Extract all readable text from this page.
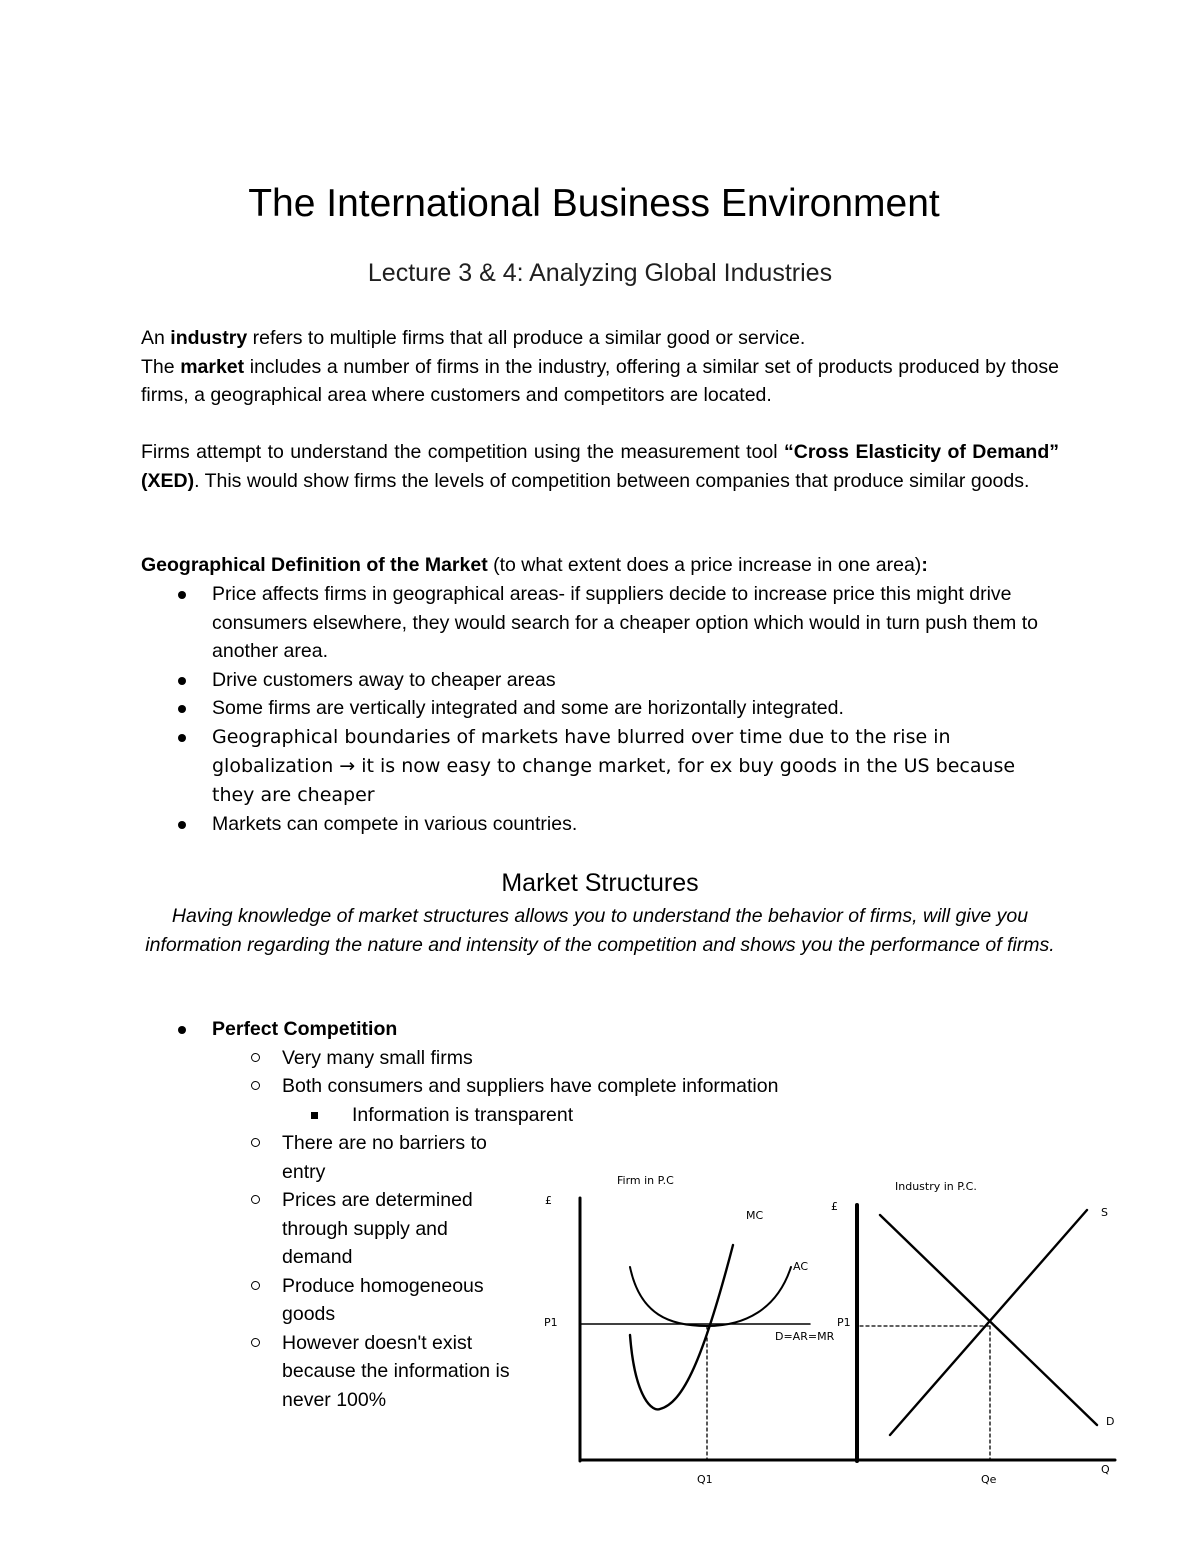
The International Business Environment
Lecture 3 & 4: Analyzing Global Industries
An industry refers to multiple firms that all produce a similar good or service.
The market includes a number of firms in the industry, offering a similar set of products produced by those firms, a geographical area where customers and competitors are located.
Firms attempt to understand the competition using the measurement tool “Cross Elasticity of Demand” (XED). This would show firms the levels of competition between companies that produce similar goods.
Geographical Definition of the Market (to what extent does a price increase in one area):
Price affects firms in geographical areas- if suppliers decide to increase price this might drive consumers elsewhere, they would search for a cheaper option which would in turn push them to another area.
Drive customers away to cheaper areas
Some firms are vertically integrated and some are horizontally integrated.
Geographical boundaries of markets have blurred over time due to the rise in globalization → it is now easy to change market, for ex buy goods in the US because they are cheaper
Markets can compete in various countries.
Market Structures
Having knowledge of market structures allows you to understand the behavior of firms, will give you information regarding the nature and intensity of the competition and shows you the performance of firms.
Perfect Competition
Very many small firms
Both consumers and suppliers have complete information
Information is transparent
There are no barriers to entry
Prices are determined through supply and demand
Produce homogeneous goods
However doesn't exist because the information is never 100%
Firm in P.C
£
MC
AC
P1
D=AR=MR
Q1
Industry in P.C.
£	S
P1
D
Qe
Q
